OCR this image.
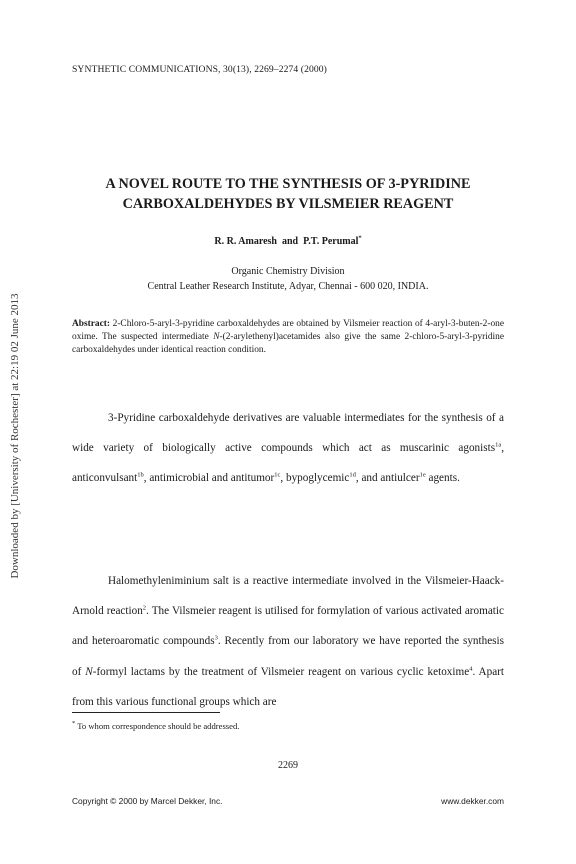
SYNTHETIC COMMUNICATIONS, 30(13), 2269–2274 (2000)
Downloaded by [University of Rochester] at 22:19 02 June 2013
A NOVEL ROUTE TO THE SYNTHESIS OF 3-PYRIDINE
CARBOXALDEHYDES BY VILSMEIER REAGENT
R. R. Amaresh and P.T. Perumal*
Organic Chemistry Division
Central Leather Research Institute, Adyar, Chennai - 600 020, INDIA.
Abstract: 2-Chloro-5-aryl-3-pyridine carboxaldehydes are obtained by Vilsmeier reaction of 4-aryl-3-buten-2-one oxime. The suspected intermediate N-(2-arylethenyl)acetamides also give the same 2-chloro-5-aryl-3-pyridine carboxaldehydes under identical reaction condition.

3-Pyridine carboxaldehyde derivatives are valuable intermediates for the synthesis of a wide variety of biologically active compounds which act as muscarinic agonists$^{1a}$, anticonvulsant$^{1b}$, antimicrobial and antitumor$^{1c}$, bypoglycemic$^{1d}$, and antiulcer$^{1e}$ agents.

Halomethyleniminium salt is a reactive intermediate involved in the Vilsmeier-Haack-Arnold reaction$^2$. The Vilsmeier reagent is utilised for formylation of various activated aromatic and heteroaromatic compounds$^3$. Recently from our laboratory we have reported the synthesis of N-formyl lactams by the treatment of Vilsmeier reagent on various cyclic ketoxime$^4$. Apart from this various functional groups which are

* To whom correspondence should be addressed.
2269
Copyright © 2000 by Marcel Dekker, Inc.	www.dekker.com
